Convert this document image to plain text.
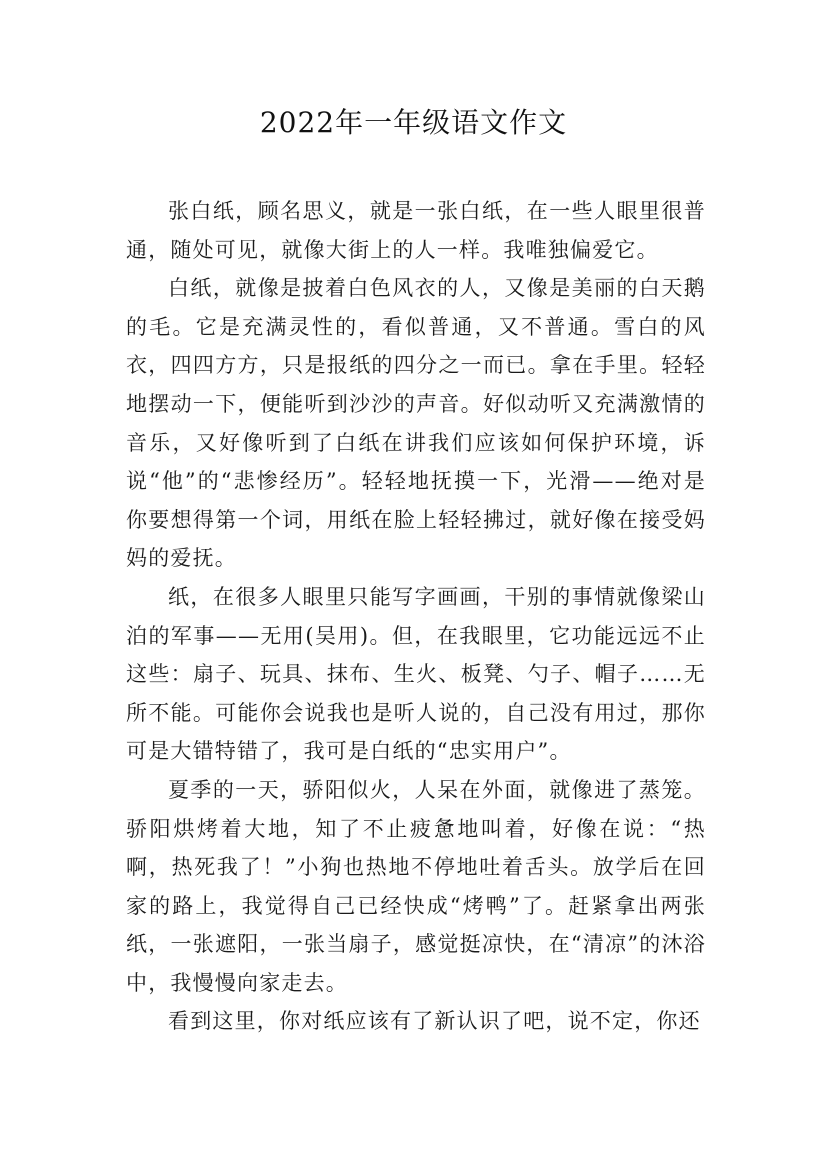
2022年一年级语文作文

张白纸，顾名思义，就是一张白纸，在一些人眼里很普通，随处可见，就像大街上的人一样。我唯独偏爱它。

白纸，就像是披着白色风衣的人，又像是美丽的白天鹅的毛。它是充满灵性的，看似普通，又不普通。雪白的风衣，四四方方，只是报纸的四分之一而已。拿在手里。轻轻地摆动一下，便能听到沙沙的声音。好似动听又充满激情的音乐，又好像听到了白纸在讲我们应该如何保护环境，诉说“他”的“悲惨经历”。轻轻地抚摸一下，光滑——绝对是你要想得第一个词，用纸在脸上轻轻拂过，就好像在接受妈妈的爱抚。

纸，在很多人眼里只能写字画画，干别的事情就像梁山泊的军事——无用(吴用)。但，在我眼里，它功能远远不止这些：扇子、玩具、抹布、生火、板凳、勺子、帽子……无所不能。可能你会说我也是听人说的，自己没有用过，那你可是大错特错了，我可是白纸的“忠实用户”。

夏季的一天，骄阳似火，人呆在外面，就像进了蒸笼。骄阳烘烤着大地，知了不止疲惫地叫着，好像在说：“热啊，热死我了！”小狗也热地不停地吐着舌头。放学后在回家的路上，我觉得自己已经快成“烤鸭”了。赶紧拿出两张纸，一张遮阳，一张当扇子，感觉挺凉快，在“清凉”的沐浴中，我慢慢向家走去。

看到这里，你对纸应该有了新认识了吧，说不定，你还
